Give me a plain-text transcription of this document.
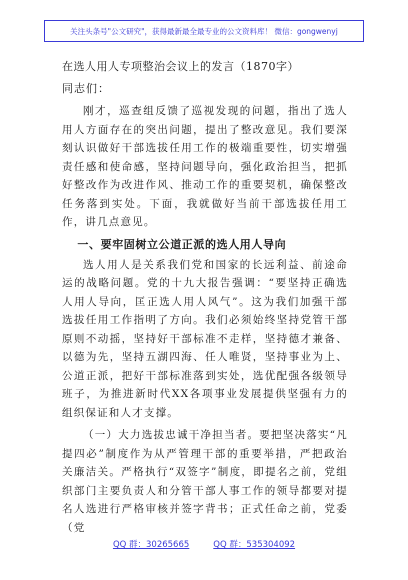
关注头条号"公文研究"，获得最新最全最专业的公文资料库！ 微信：gongwenyj
在选人用人专项整治会议上的发言（1870字）
同志们：

刚才，巡查组反馈了巡视发现的问题，指出了选人用人方面存在的突出问题，提出了整改意见。我们要深刻认识做好干部选拔任用工作的极端重要性，切实增强责任感和使命感，坚持问题导向，强化政治担当，把抓好整改作为改进作风、推动工作的重要契机，确保整改任务落到实处。下面，我就做好当前干部选拔任用工作，讲几点意见。

一、要牢固树立公道正派的选人用人导向

选人用人是关系我们党和国家的长远利益、前途命运的战略问题。党的十九大报告强调：“要坚持正确选人用人导向，匡正选人用人风气”。这为我们加强干部选拔任用工作指明了方向。我们必须始终坚持党管干部原则不动摇，坚持好干部标准不走样，坚持德才兼备、以德为先，坚持五湖四海、任人唯贤，坚持事业为上、公道正派，把好干部标准落到实处，选优配强各级领导班子，为推进新时代XX各项事业发展提供坚强有力的组织保证和人才支撑。

（一）大力选拔忠诚干净担当者。要把坚决落实“凡提四必”制度作为从严管理干部的重要举措，严把政治关廉洁关。严格执行“双签字”制度，即提名之前，党组织部门主要负责人和分管干部人事工作的领导都要对提名人选进行严格审核并签字背书；正式任命之前，党委（党

QQ 群：30265665	QQ 群：535304092
